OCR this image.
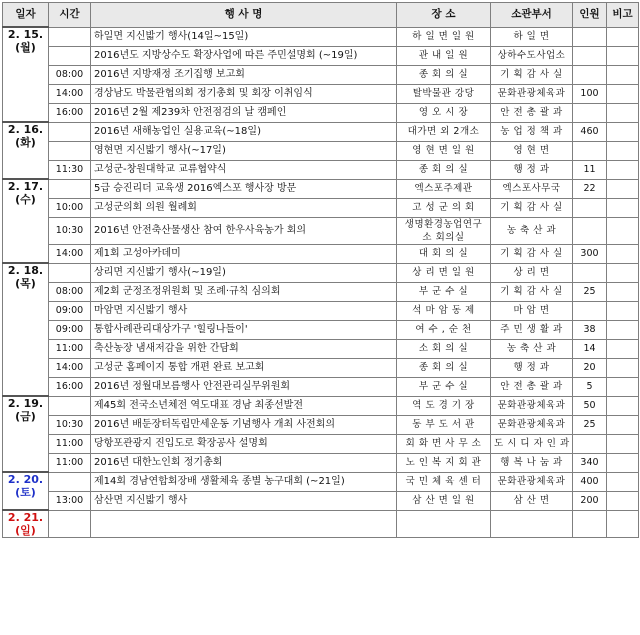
일자	시간	행 사 명	장 소	소관부서	인원	비고

2. 15.
(월)		하일면 지신밟기 행사(14일~15일)	하 일 면 일 원	하 일 면		
		2016년도 지방상수도 확장사업에 따른 주민설명회 (~19일)	관 내 일 원	상하수도사업소		
	08:00	2016년 지방재정 조기집행 보고회	종 회 의 실	기 획 감 사 실		
	14:00	경상남도 박물관협의회 정기총회 및 회장 이취임식	탈박물관 강당	문화관광체육과	100	
	16:00	2016년 2월 제239차 안전점검의 날 캠페인	영 오 시 장	안 전 총 괄 과		

2. 16.
(화)		2016년 새해농업인 실용교육(~18일)	대가면 외 2개소	농 업 정 책 과	460	
		영현면 지신밟기 행사(~17일)	영 현 면 일 원	영 현 면		
	11:30	고성군-창원대학교 교류협약식	종 회 의 실	행 정 과	11	

2. 17.
(수)		5급 승진리더 교육생 2016엑스포 행사장 방문	엑스포주제관	엑스포사무국	22	
	10:00	고성군의회 의원 월례회	고 성 군 의 회	기 획 감 사 실		
	10:30	2016년 안전축산물생산 참여 한우사육농가 회의	생명환경농업연구소 회의실	농 축 산 과		
	14:00	제1회 고성아카데미	대 회 의 실	기 획 감 사 실	300	

2. 18.
(목)		상리면 지신밟기 행사(~19일)	상 리 면 일 원	상 리 면		
	08:00	제2회 군정조정위원회 및 조례·규칙 심의회	부 군 수 실	기 획 감 사 실	25	
	09:00	마암면 지신밟기 행사	석 마 암 동 제	마 암 면		
	09:00	통합사례관리대상가구 '힐링나들이'	여 수 , 순 천	주 민 생 활 과	38	
	11:00	축산농장 냄새저감을 위한 간담회	소 회 의 실	농 축 산 과	14	
	14:00	고성군 홈페이지 통합 개편 완료 보고회	종 회 의 실	행 정 과	20	
	16:00	2016년 정월대보름행사 안전관리실무위원회	부 군 수 실	안 전 총 괄 과	5	

2. 19.
(금)		제45회 전국소년체전 역도대표 경남 최종선발전	역 도 경 기 장	문화관광체육과	50	
	10:30	2016년 배둔장터독립만세운동 기념행사 개최 사전회의	동 부 도 서 관	문화관광체육과	25	
	11:00	당항포관광지 진입도로 확장공사 설명회	회 화 면 사 무 소	도 시 디 자 인 과		
	11:00	2016년 대한노인회 정기총회	노 인 복 지 회 관	행 복 나 눔 과	340	

2. 20.
(토)		제14회 경남연합회장배 생활체육 종별 농구대회 (~21일)	국 민 체 육 센 터	문화관광체육과	400	
	13:00	삼산면 지신밟기 행사	삼 산 면 일 원	삼 산 면	200	

2. 21.
(일)						
